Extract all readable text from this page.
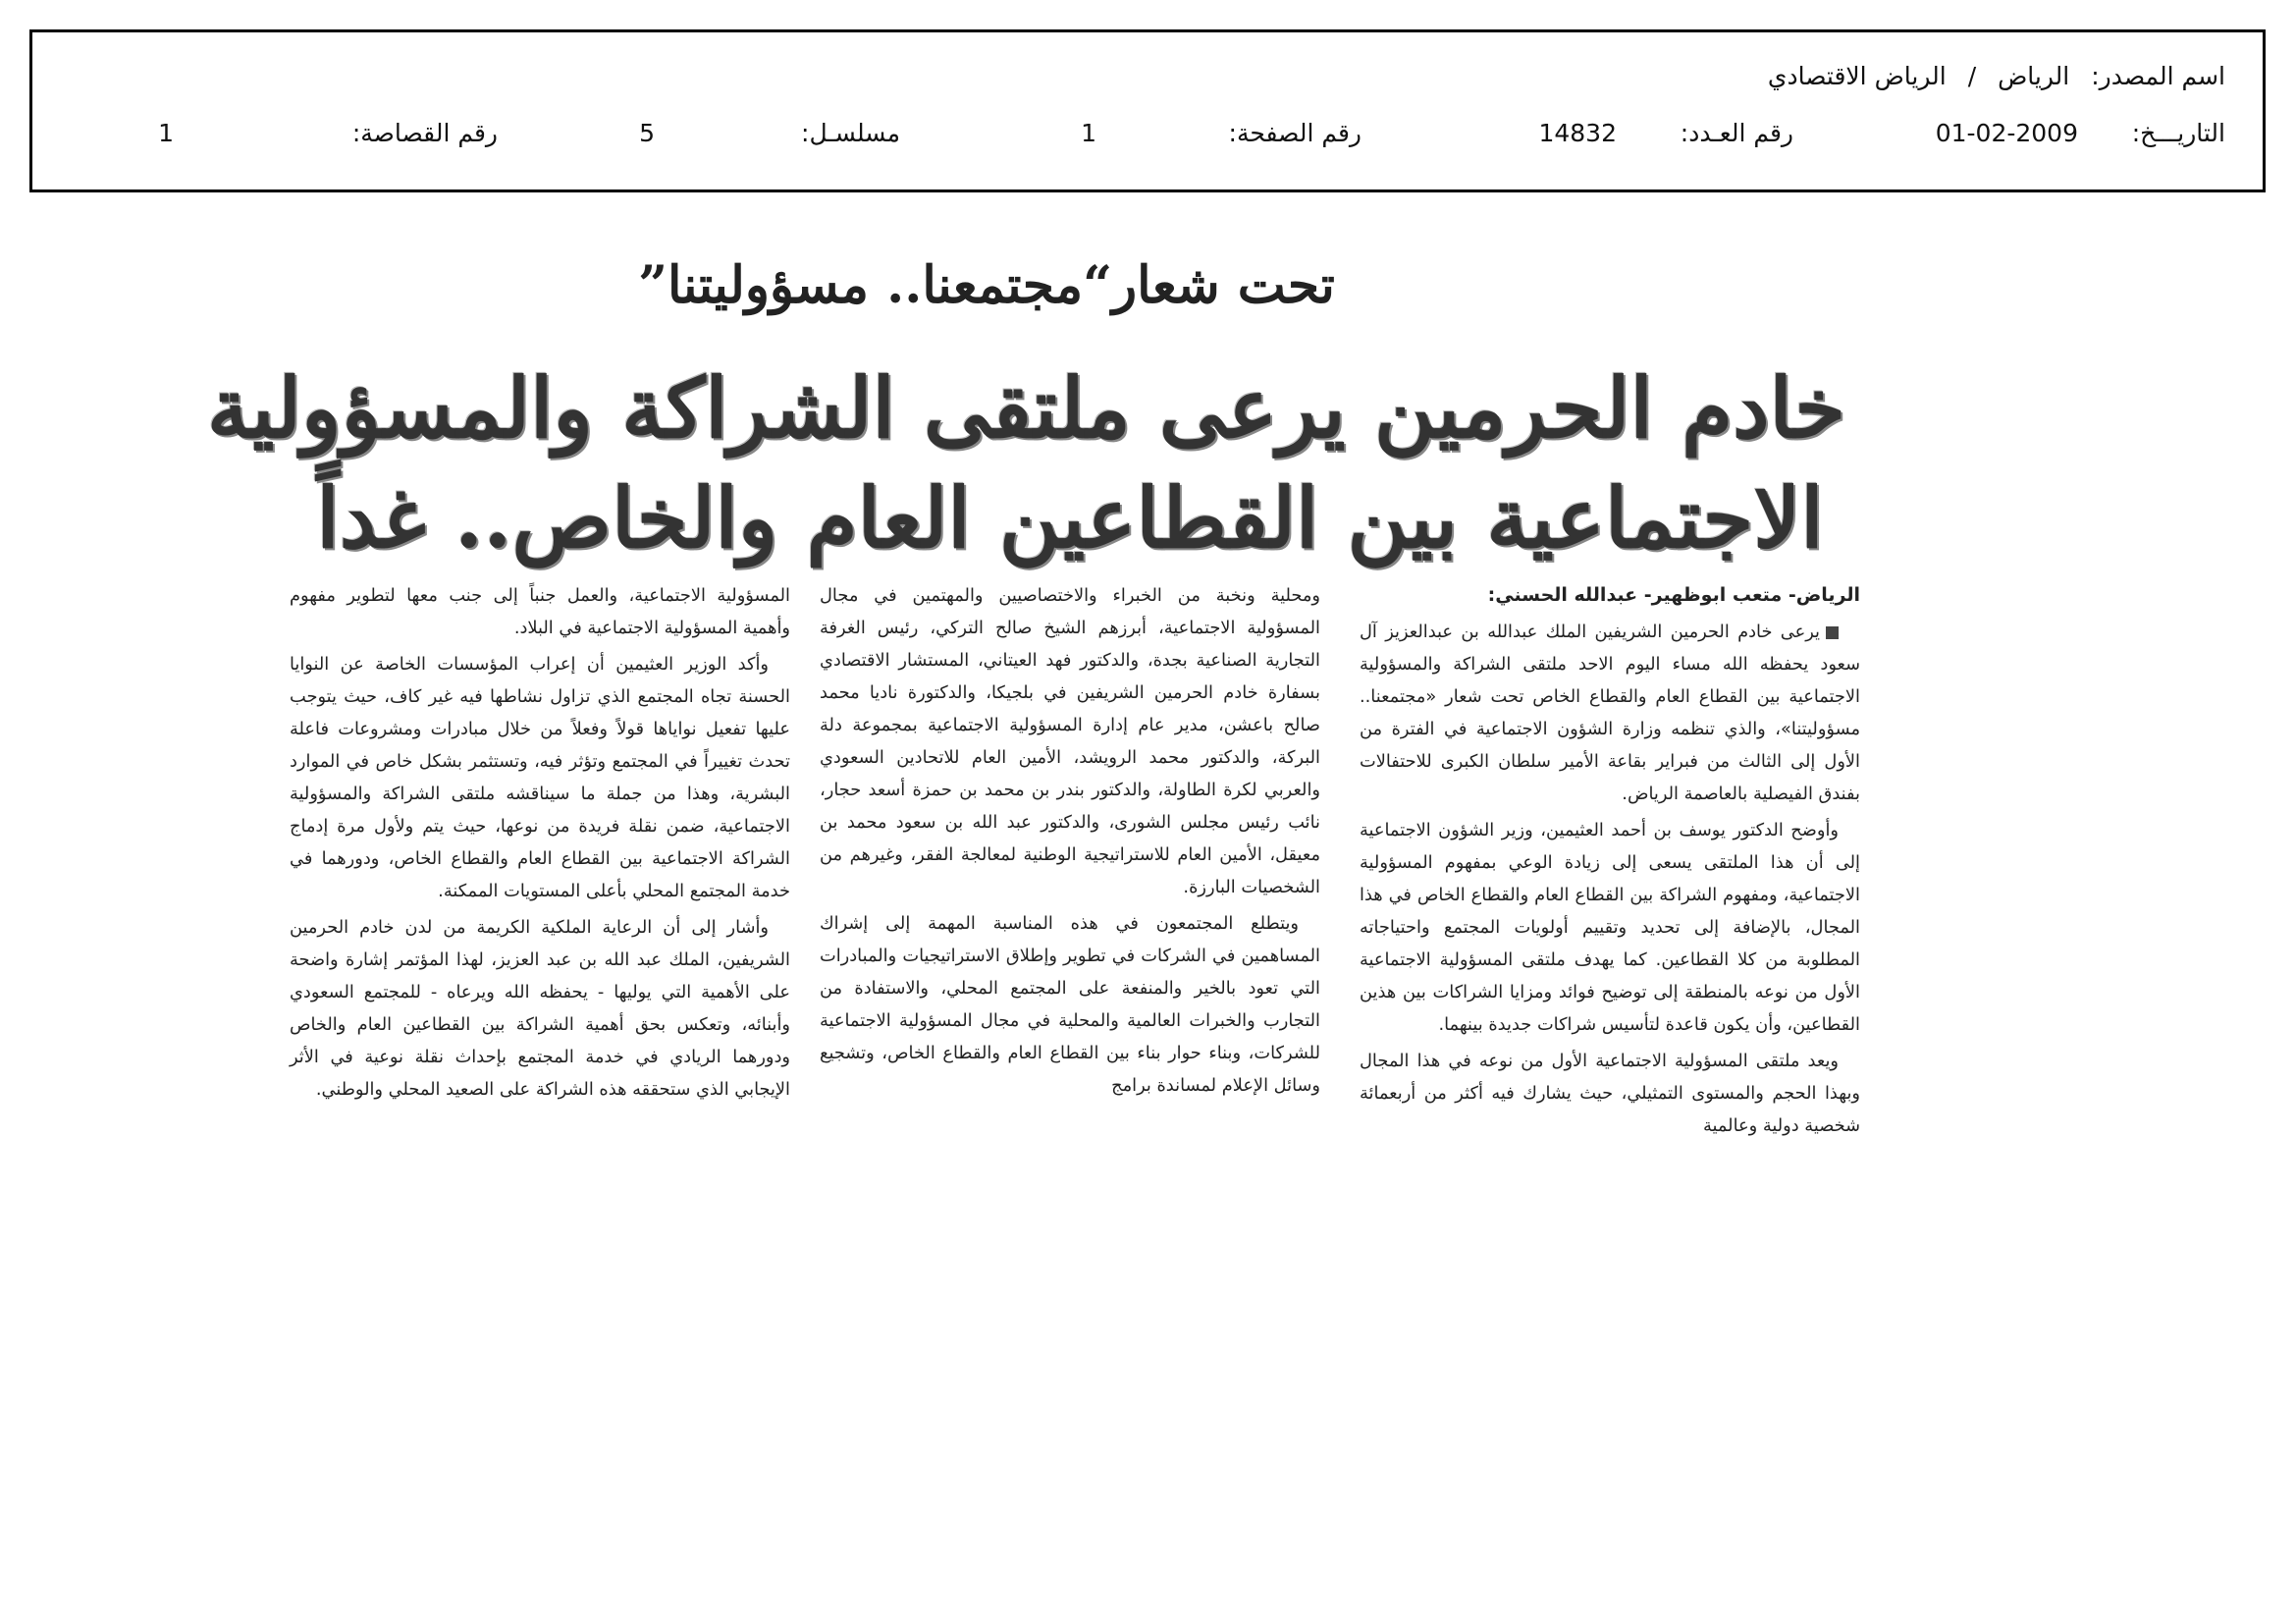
اسم المصدر: الرياض / الرياض الاقتصادي
التاريـــخ:
01-02-2009
رقم العـدد:
14832
رقم الصفحة:
1
مسلسـل:
5
رقم القصاصة:
1
تحت شعار“مجتمعنا.. مسؤوليتنا”
خادم الحرمين يرعى ملتقى الشراكة والمسؤولية
الاجتماعية بين القطاعين العام والخاص.. غداً

الرياض- متعب ابوظهير- عبدالله الحسني:

يرعى خادم الحرمين الشريفين الملك عبدالله بن عبدالعزيز آل سعود يحفظه الله مساء اليوم الاحد ملتقى الشراكة والمسؤولية الاجتماعية بين القطاع العام والقطاع الخاص تحت شعار «مجتمعنا.. مسؤوليتنا»، والذي تنظمه وزارة الشؤون الاجتماعية في الفترة من الأول إلى الثالث من فبراير بقاعة الأمير سلطان الكبرى للاحتفالات بفندق الفيصلية بالعاصمة الرياض.

وأوضح الدكتور يوسف بن أحمد العثيمين، وزير الشؤون الاجتماعية إلى أن هذا الملتقى يسعى إلى زيادة الوعي بمفهوم المسؤولية الاجتماعية، ومفهوم الشراكة بين القطاع العام والقطاع الخاص في هذا المجال، بالإضافة إلى تحديد وتقييم أولويات المجتمع واحتياجاته المطلوبة من كلا القطاعين. كما يهدف ملتقى المسؤولية الاجتماعية الأول من نوعه بالمنطقة إلى توضيح فوائد ومزايا الشراكات بين هذين القطاعين، وأن يكون قاعدة لتأسيس شراكات جديدة بينهما.

ويعد ملتقى المسؤولية الاجتماعية الأول من نوعه في هذا المجال وبهذا الحجم والمستوى التمثيلي، حيث يشارك فيه أكثر من أربعمائة شخصية دولية وعالمية

ومحلية ونخبة من الخبراء والاختصاصيين والمهتمين في مجال المسؤولية الاجتماعية، أبرزهم الشيخ صالح التركي، رئيس الغرفة التجارية الصناعية بجدة، والدكتور فهد العيتاني، المستشار الاقتصادي بسفارة خادم الحرمين الشريفين في بلجيكا، والدكتورة ناديا محمد صالح باعشن، مدير عام إدارة المسؤولية الاجتماعية بمجموعة دلة البركة، والدكتور محمد الرويشد، الأمين العام للاتحادين السعودي والعربي لكرة الطاولة، والدكتور بندر بن محمد بن حمزة أسعد حجار، نائب رئيس مجلس الشورى، والدكتور عبد الله بن سعود محمد بن معيقل، الأمين العام للاستراتيجية الوطنية لمعالجة الفقر، وغيرهم من الشخصيات البارزة.

ويتطلع المجتمعون في هذه المناسبة المهمة إلى إشراك المساهمين في الشركات في تطوير وإطلاق الاستراتيجيات والمبادرات التي تعود بالخير والمنفعة على المجتمع المحلي، والاستفادة من التجارب والخبرات العالمية والمحلية في مجال المسؤولية الاجتماعية للشركات، وبناء حوار بناء بين القطاع العام والقطاع الخاص، وتشجيع وسائل الإعلام لمساندة برامج

المسؤولية الاجتماعية، والعمل جنباً إلى جنب معها لتطوير مفهوم وأهمية المسؤولية الاجتماعية في البلاد.

وأكد الوزير العثيمين أن إعراب المؤسسات الخاصة عن النوايا الحسنة تجاه المجتمع الذي تزاول نشاطها فيه غير كاف، حيث يتوجب عليها تفعيل نواياها قولاً وفعلاً من خلال مبادرات ومشروعات فاعلة تحدث تغييراً في المجتمع وتؤثر فيه، وتستثمر بشكل خاص في الموارد البشرية، وهذا من جملة ما سيناقشه ملتقى الشراكة والمسؤولية الاجتماعية، ضمن نقلة فريدة من نوعها، حيث يتم ولأول مرة إدماج الشراكة الاجتماعية بين القطاع العام والقطاع الخاص، ودورهما في خدمة المجتمع المحلي بأعلى المستويات الممكنة.

وأشار إلى أن الرعاية الملكية الكريمة من لدن خادم الحرمين الشريفين، الملك عبد الله بن عبد العزيز، لهذا المؤتمر إشارة واضحة على الأهمية التي يوليها - يحفظه الله ويرعاه - للمجتمع السعودي وأبنائه، وتعكس بحق أهمية الشراكة بين القطاعين العام والخاص ودورهما الريادي في خدمة المجتمع بإحداث نقلة نوعية في الأثر الإيجابي الذي ستحققه هذه الشراكة على الصعيد المحلي والوطني.
